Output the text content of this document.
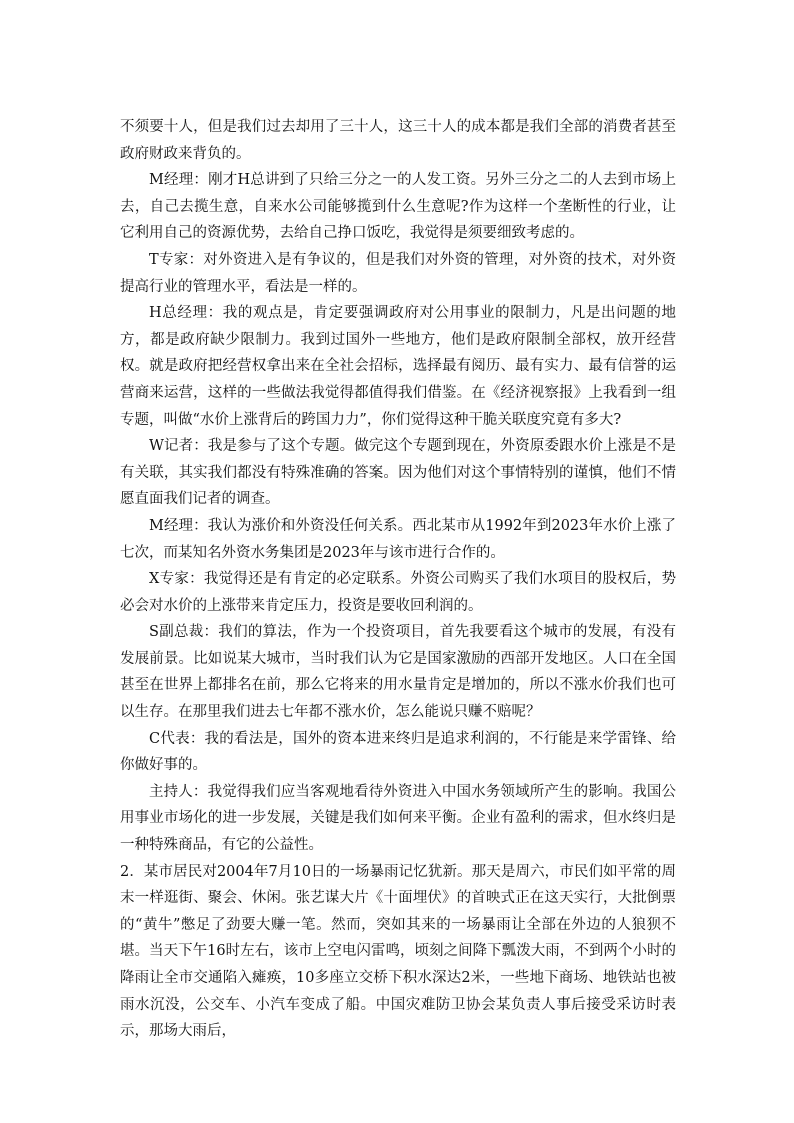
不须要十人，但是我们过去却用了三十人，这三十人的成本都是我们全部的消费者甚至政府财政来背负的。

M经理：刚才H总讲到了只给三分之一的人发工资。另外三分之二的人去到市场上去，自己去揽生意，自来水公司能够揽到什么生意呢?作为这样一个垄断性的行业，让它利用自己的资源优势，去给自己挣口饭吃，我觉得是须要细致考虑的。

T专家：对外资进入是有争议的，但是我们对外资的管理，对外资的技术，对外资提高行业的管理水平，看法是一样的。

H总经理：我的观点是，肯定要强调政府对公用事业的限制力，凡是出问题的地方，都是政府缺少限制力。我到过国外一些地方，他们是政府限制全部权，放开经营权。就是政府把经营权拿出来在全社会招标，选择最有阅历、最有实力、最有信誉的运营商来运营，这样的一些做法我觉得都值得我们借鉴。在《经济视察报》上我看到一组专题，叫做“水价上涨背后的跨国力力”，你们觉得这种干脆关联度究竟有多大?

W记者：我是参与了这个专题。做完这个专题到现在，外资原委跟水价上涨是不是有关联，其实我们都没有特殊准确的答案。因为他们对这个事情特别的谨慎，他们不情愿直面我们记者的调查。

M经理：我认为涨价和外资没任何关系。西北某市从1992年到2023年水价上涨了七次，而某知名外资水务集团是2023年与该市进行合作的。

X专家：我觉得还是有肯定的必定联系。外资公司购买了我们水项目的股权后，势必会对水价的上涨带来肯定压力，投资是要收回利润的。

S副总裁：我们的算法，作为一个投资项目，首先我要看这个城市的发展，有没有发展前景。比如说某大城市，当时我们认为它是国家激励的西部开发地区。人口在全国甚至在世界上都排名在前，那么它将来的用水量肯定是增加的，所以不涨水价我们也可以生存。在那里我们进去七年都不涨水价，怎么能说只赚不赔呢？

C代表：我的看法是，国外的资本进来终归是追求利润的，不行能是来学雷锋、给你做好事的。

主持人：我觉得我们应当客观地看待外资进入中国水务领域所产生的影响。我国公用事业市场化的进一步发展，关键是我们如何来平衡。企业有盈利的需求，但水终归是一种特殊商品，有它的公益性。

2．某市居民对2004年7月10日的一场暴雨记忆犹新。那天是周六，市民们如平常的周末一样逛街、聚会、休闲。张艺谋大片《十面埋伏》的首映式正在这天实行，大批倒票的“黄牛”憋足了劲要大赚一笔。然而，突如其来的一场暴雨让全部在外边的人狼狈不堪。当天下午16时左右，该市上空电闪雷鸣，顷刻之间降下瓢泼大雨，不到两个小时的降雨让全市交通陷入瘫痪，10多座立交桥下积水深达2米，一些地下商场、地铁站也被雨水沉没，公交车、小汽车变成了船。中国灾难防卫协会某负责人事后接受采访时表示，那场大雨后，
